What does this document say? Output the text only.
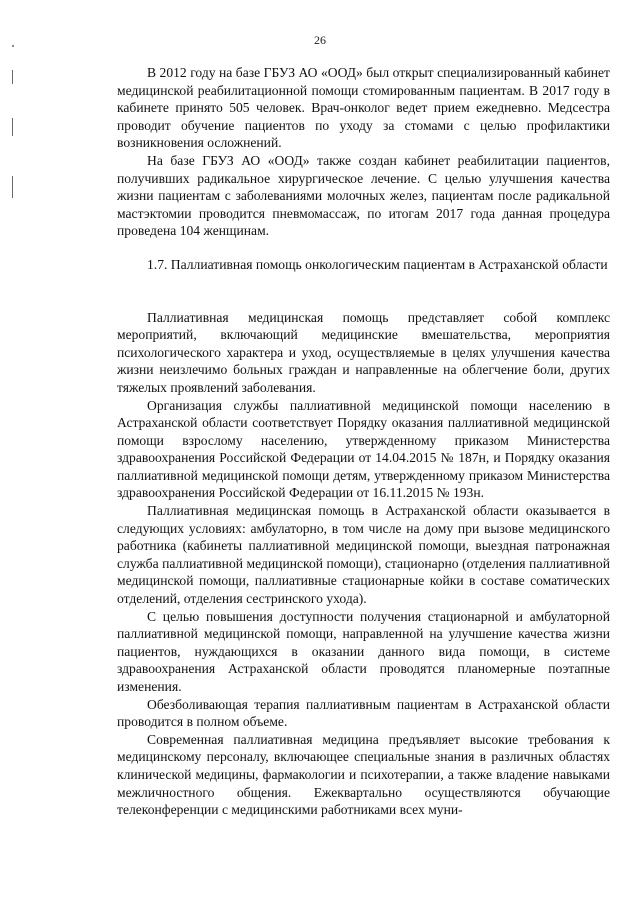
26

В 2012 году на базе ГБУЗ АО «ООД» был открыт специализированный кабинет медицинской реабилитационной помощи стомированным пациентам. В 2017 году в кабинете принято 505 человек. Врач-онколог ведет прием ежедневно. Медсестра проводит обучение пациентов по уходу за стомами с целью профилактики возникновения осложнений.

На базе ГБУЗ АО «ООД» также создан кабинет реабилитации пациентов, получивших радикальное хирургическое лечение. С целью улучшения качества жизни пациентам с заболеваниями молочных желез, пациентам после радикальной мастэктомии проводится пневмомассаж, по итогам 2017 года данная процедура проведена 104 женщинам.

1.7. Паллиативная помощь онкологическим пациентам в Астраханской области

Паллиативная медицинская помощь представляет собой комплекс мероприятий, включающий медицинские вмешательства, мероприятия психологического характера и уход, осуществляемые в целях улучшения качества жизни неизлечимо больных граждан и направленные на облегчение боли, других тяжелых проявлений заболевания.

Организация службы паллиативной медицинской помощи населению в Астраханской области соответствует Порядку оказания паллиативной медицинской помощи взрослому населению, утвержденному приказом Министерства здравоохранения Российской Федерации от 14.04.2015 № 187н, и Порядку оказания паллиативной медицинской помощи детям, утвержденному приказом Министерства здравоохранения Российской Федерации от 16.11.2015 № 193н.

Паллиативная медицинская помощь в Астраханской области оказывается в следующих условиях: амбулаторно, в том числе на дому при вызове медицинского работника (кабинеты паллиативной медицинской помощи, выездная патронажная служба паллиативной медицинской помощи), стационарно (отделения паллиативной медицинской помощи, паллиативные стационарные койки в составе соматических отделений, отделения сестринского ухода).

С целью повышения доступности получения стационарной и амбулаторной паллиативной медицинской помощи, направленной на улучшение качества жизни пациентов, нуждающихся в оказании данного вида помощи, в системе здравоохранения Астраханской области проводятся планомерные поэтапные изменения.

Обезболивающая терапия паллиативным пациентам в Астраханской области проводится в полном объеме.

Современная паллиативная медицина предъявляет высокие требования к медицинскому персоналу, включающее специальные знания в различных областях клинической медицины, фармакологии и психотерапии, а также владение навыками межличностного общения. Ежеквартально осуществляются обучающие телеконференции с медицинскими работниками всех муни-
